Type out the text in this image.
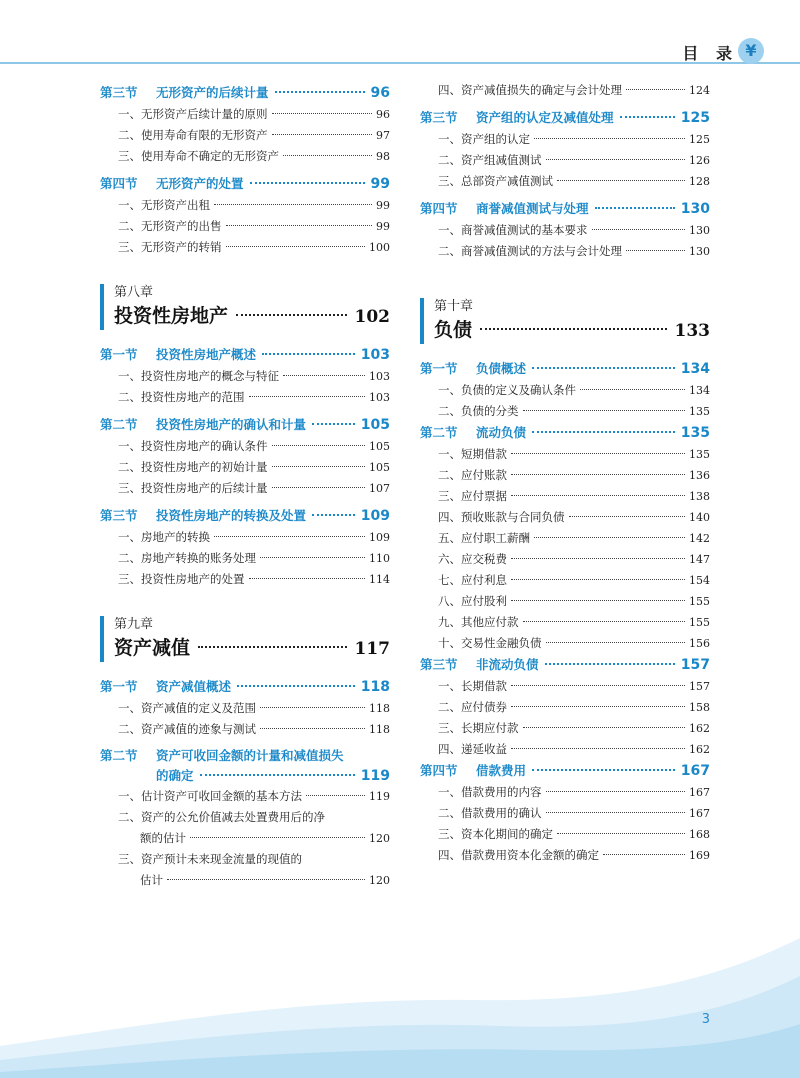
目 录 ¥
第三节	无形资产的后续计量	96
一、无形资产后续计量的原则	96
二、使用寿命有限的无形资产	97
三、使用寿命不确定的无形资产	98
第四节	无形资产的处置	99
一、无形资产出租	99
二、无形资产的出售	99
三、无形资产的转销	100
第八章
投资性房地产	102
第一节	投资性房地产概述	103
一、投资性房地产的概念与特征	103
二、投资性房地产的范围	103
第二节	投资性房地产的确认和计量	105
一、投资性房地产的确认条件	105
二、投资性房地产的初始计量	105
三、投资性房地产的后续计量	107
第三节	投资性房地产的转换及处置	109
一、房地产的转换	109
二、房地产转换的账务处理	110
三、投资性房地产的处置	114
第九章
资产减值	117
第一节	资产减值概述	118
一、资产减值的定义及范围	118
二、资产减值的迹象与测试	118
第二节	资产可收回金额的计量和减值损失
的确定	119
一、估计资产可收回金额的基本方法	119
二、资产的公允价值减去处置费用后的净
额的估计	120
三、资产预计未来现金流量的现值的
估计	120
四、资产减值损失的确定与会计处理	124
第三节	资产组的认定及减值处理	125
一、资产组的认定	125
二、资产组减值测试	126
三、总部资产减值测试	128
第四节	商誉减值测试与处理	130
一、商誉减值测试的基本要求	130
二、商誉减值测试的方法与会计处理	130
第十章
负债	133
第一节	负债概述	134
一、负债的定义及确认条件	134
二、负债的分类	135
第二节	流动负债	135
一、短期借款	135
二、应付账款	136
三、应付票据	138
四、预收账款与合同负债	140
五、应付职工薪酬	142
六、应交税费	147
七、应付利息	154
八、应付股利	155
九、其他应付款	155
十、交易性金融负债	156
第三节	非流动负债	157
一、长期借款	157
二、应付债券	158
三、长期应付款	162
四、递延收益	162
第四节	借款费用	167
一、借款费用的内容	167
二、借款费用的确认	167
三、资本化期间的确定	168
四、借款费用资本化金额的确定	169
3
